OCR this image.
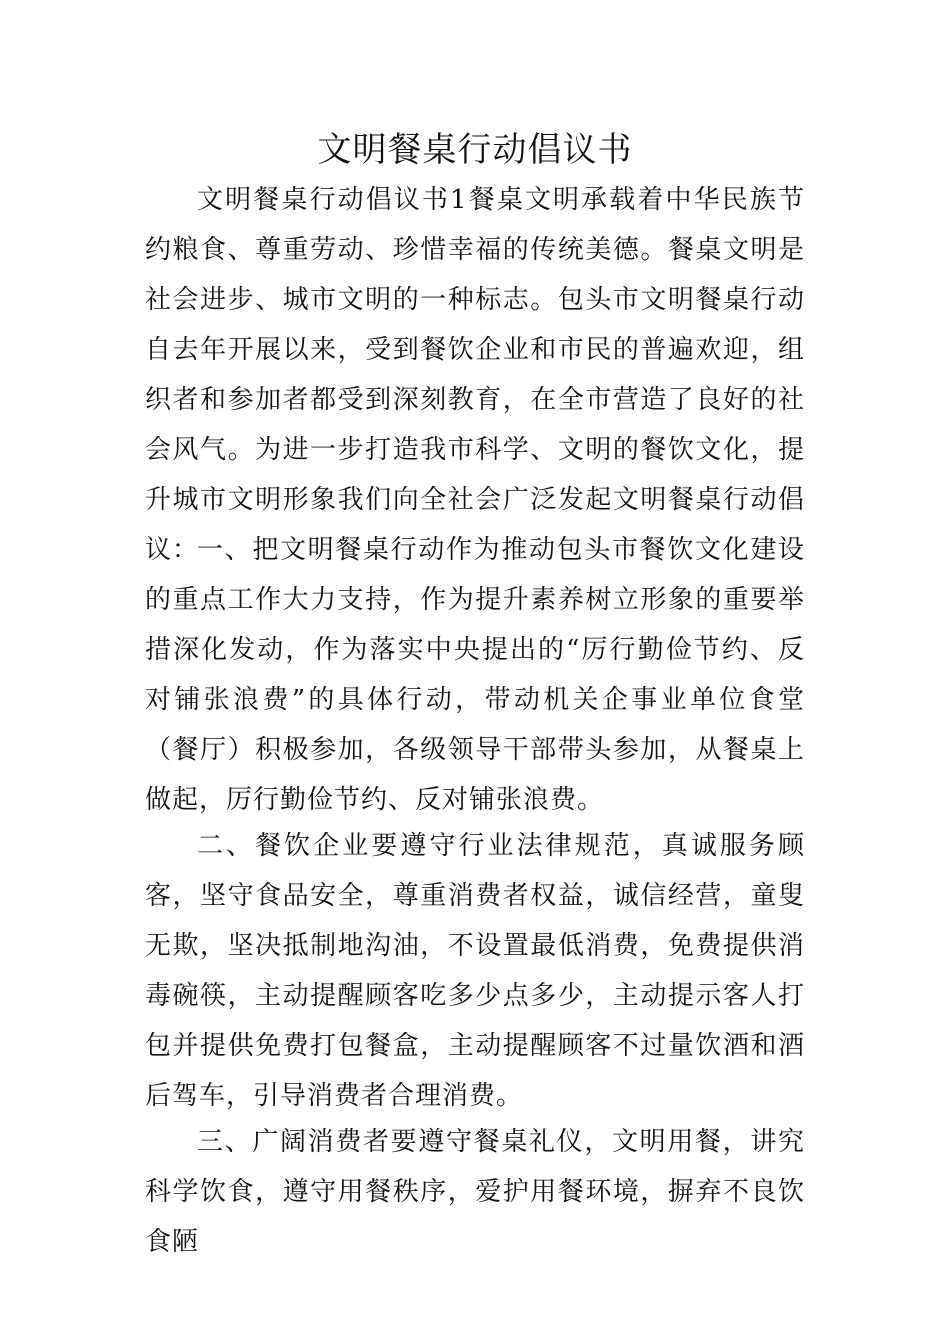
文明餐桌行动倡议书

文明餐桌行动倡议书1餐桌文明承载着中华民族节约粮食、尊重劳动、珍惜幸福的传统美德。餐桌文明是社会进步、城市文明的一种标志。包头市文明餐桌行动自去年开展以来，受到餐饮企业和市民的普遍欢迎，组织者和参加者都受到深刻教育，在全市营造了良好的社会风气。为进一步打造我市科学、文明的餐饮文化，提升城市文明形象我们向全社会广泛发起文明餐桌行动倡议：

一、把文明餐桌行动作为推动包头市餐饮文化建设的重点工作大力支持，作为提升素养树立形象的重要举措深化发动，作为落实中央提出的“厉行勤俭节约、反对铺张浪费”的具体行动，带动机关企事业单位食堂（餐厅）积极参加，各级领导干部带头参加，从餐桌上做起，厉行勤俭节约、反对铺张浪费。

二、餐饮企业要遵守行业法律规范，真诚服务顾客，坚守食品安全，尊重消费者权益，诚信经营，童叟无欺，坚决抵制地沟油，不设置最低消费，免费提供消毒碗筷，主动提醒顾客吃多少点多少，主动提示客人打包并提供免费打包餐盒，主动提醒顾客不过量饮酒和酒后驾车，引导消费者合理消费。

三、广阔消费者要遵守餐桌礼仪，文明用餐，讲究科学饮食，遵守用餐秩序，爱护用餐环境，摒弃不良饮食陋
